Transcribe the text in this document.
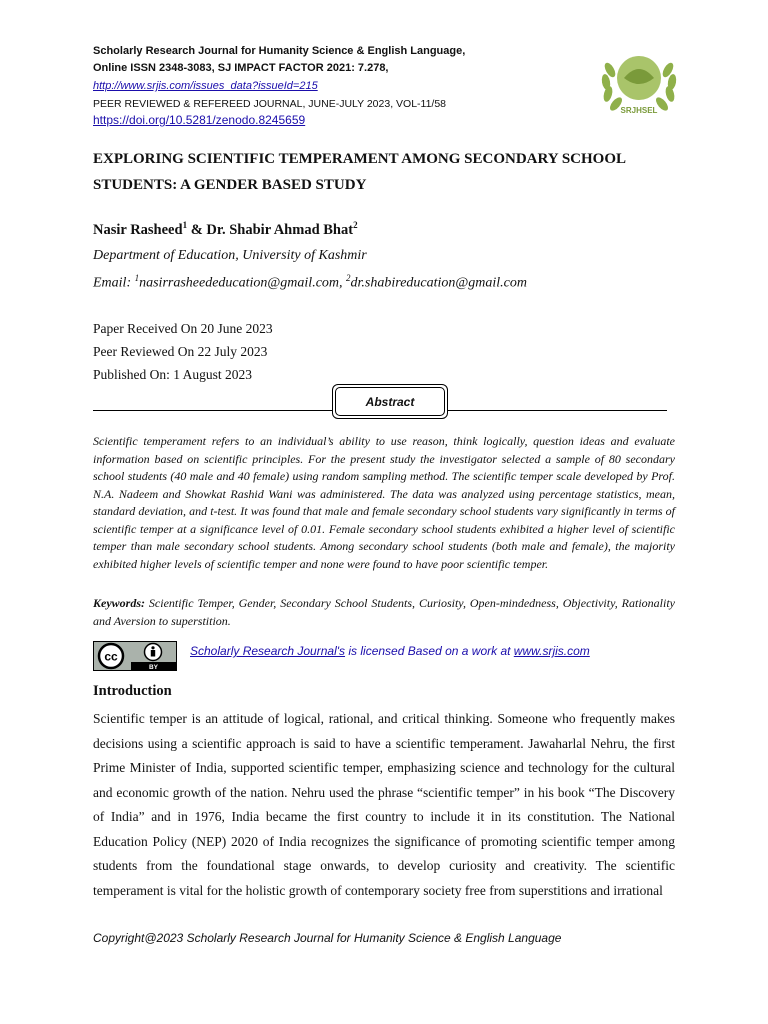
Scholarly Research Journal for Humanity Science & English Language,
Online ISSN 2348-3083, SJ IMPACT FACTOR 2021: 7.278,
http://www.srjis.com/issues_data?issueId=215
PEER REVIEWED & REFEREED JOURNAL, JUNE-JULY 2023, VOL-11/58
https://doi.org/10.5281/zenodo.8245659
SRJHSEL
EXPLORING SCIENTIFIC TEMPERAMENT AMONG SECONDARY SCHOOL
STUDENTS: A GENDER BASED STUDY
Nasir Rasheed$^1$ & Dr. Shabir Ahmad Bhat$^2$
Department of Education, University of Kashmir
Email: $^1$nasirrasheededucation@gmail.com, $^2$dr.shabireducation@gmail.com
Paper Received On 20 June 2023
Peer Reviewed On 22 July 2023
Published On: 1 August 2023
Abstract
Scientific temperament refers to an individual’s ability to use reason, think logically, question ideas and evaluate information based on scientific principles. For the present study the investigator selected a sample of 80 secondary school students (40 male and 40 female) using random sampling method. The scientific temper scale developed by Prof. N.A. Nadeem and Showkat Rashid Wani was administered. The data was analyzed using percentage statistics, mean, standard deviation, and t-test. It was found that male and female secondary school students vary significantly in terms of scientific temper at a significance level of 0.01. Female secondary school students exhibited a higher level of scientific temper than male secondary school students. Among secondary school students (both male and female), the majority exhibited higher levels of scientific temper and none were found to have poor scientific temper.
Keywords: Scientific Temper, Gender, Secondary School Students, Curiosity, Open-mindedness, Objectivity, Rationality and Aversion to superstition.
cc
BY
Scholarly Research Journal's is licensed Based on a work at www.srjis.com
Introduction
Scientific temper is an attitude of logical, rational, and critical thinking. Someone who frequently makes decisions using a scientific approach is said to have a scientific temperament. Jawaharlal Nehru, the first Prime Minister of India, supported scientific temper, emphasizing science and technology for the cultural and economic growth of the nation. Nehru used the phrase “scientific temper” in his book “The Discovery of India” and in 1976, India became the first country to include it in its constitution. The National Education Policy (NEP) 2020 of India recognizes the significance of promoting scientific temper among students from the foundational stage onwards, to develop curiosity and creativity. The scientific temperament is vital for the holistic growth of contemporary society free from superstitions and irrational
Copyright@2023 Scholarly Research Journal for Humanity Science & English Language
